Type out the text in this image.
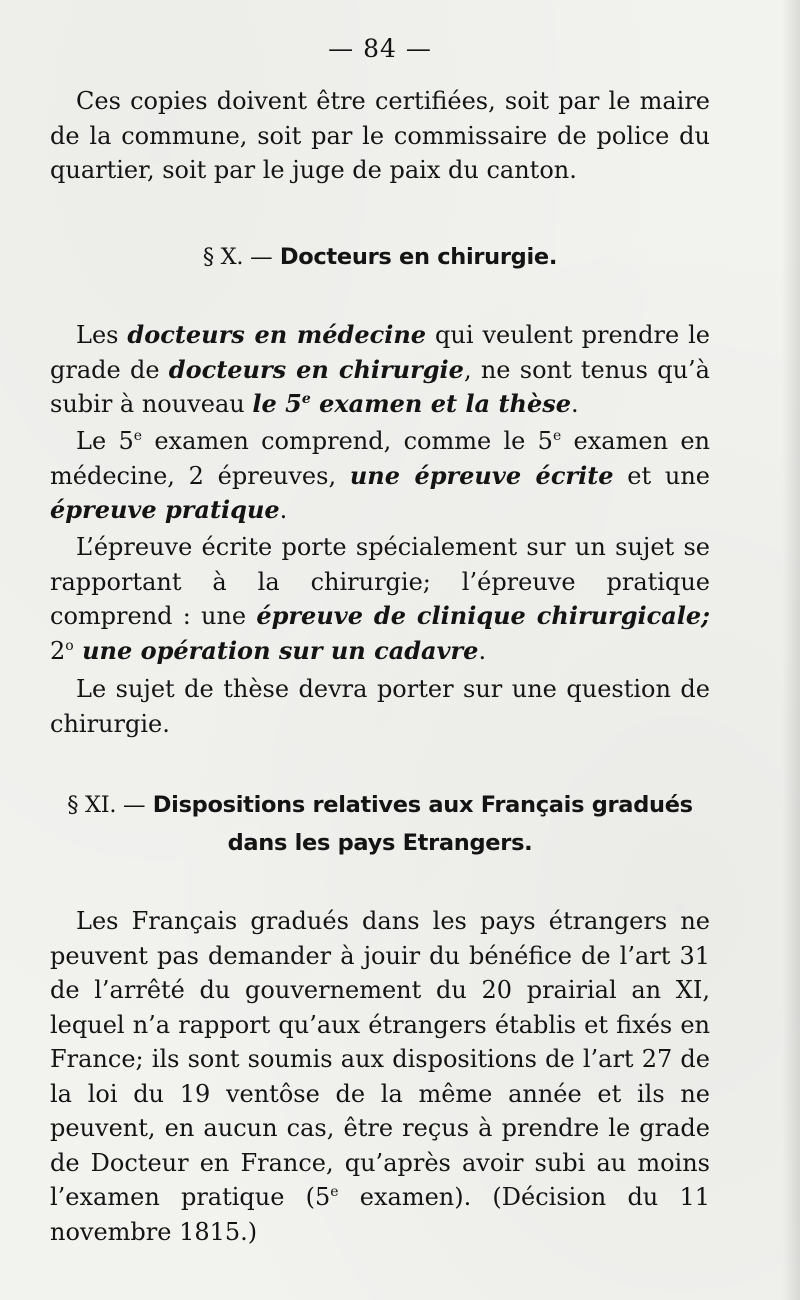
— 84 —

Ces copies doivent être certifiées, soit par le maire de la commune, soit par le commissaire de police du quartier, soit par le juge de paix du canton.

§ X. — Docteurs en chirurgie.

Les docteurs en médecine qui veulent prendre le grade de docteurs en chirurgie, ne sont tenus qu’à subir à nouveau le 5e examen et la thèse.

Le 5e examen comprend, comme le 5e examen en médecine, 2 épreuves, une épreuve écrite et une épreuve pratique.

L’épreuve écrite porte spécialement sur un sujet se rapportant à la chirurgie; l’épreuve pratique comprend : une épreuve de clinique chirurgicale; 2$^o$ une opération sur un cadavre.

Le sujet de thèse devra porter sur une question de chirurgie.

§ XI. — Dispositions relatives aux Français gradués
dans les pays Etrangers.

Les Français gradués dans les pays étrangers ne peuvent pas demander à jouir du bénéfice de l’art 31 de l’arrêté du gouvernement du 20 prairial an XI, lequel n’a rapport qu’aux étrangers établis et fixés en France; ils sont soumis aux dispositions de l’art 27 de la loi du 19 ventôse de la même année et ils ne peuvent, en aucun cas, être reçus à prendre le grade de Docteur en France, qu’après avoir subi au moins l’examen pratique (5e examen). (Décision du 11 novembre 1815.)
